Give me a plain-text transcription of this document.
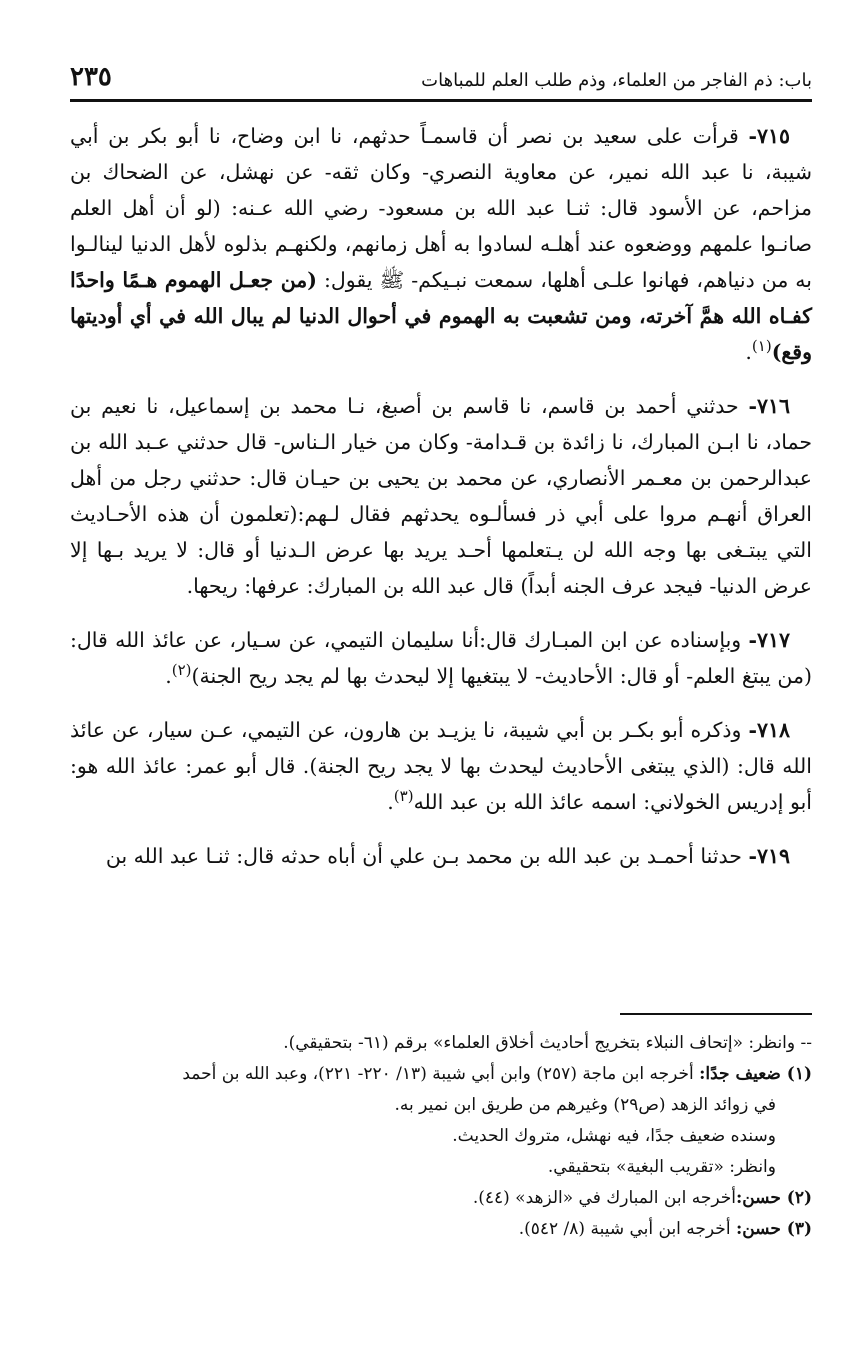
باب: ذم الفاجر من العلماء، وذم طلب العلم للمباهات
٢٣٥

٧١٥- قرأت على سعيد بن نصر أن قاسمـاً حدثهم، نا ابن وضاح، نا أبو بكر بن أبي شيبة، نا عبد الله نمير، عن معاوية النصري- وكان ثقه- عن نهشل، عن الضحاك بن مزاحم، عن الأسود قال: ثنـا عبد الله بن مسعود- رضي الله عـنه: (لو أن أهل العلم صانـوا علمهم ووضعوه عند أهلـه لسادوا به أهل زمانهم، ولكنهـم بذلوه لأهل الدنيا لينالـوا به من دنياهم، فهانوا علـى أهلها، سمعت نبـيكم- ﷺ يقول: (من جعـل الهموم هـمًا واحدًا كفـاه الله همَّ آخرته، ومن تشعبت به الهموم في أحوال الدنيا لم يبال الله في أي أوديتها وقع)$^{(١)}$.

٧١٦- حدثني أحمد بن قاسم، نا قاسم بن أصبغ، نـا محمد بن إسماعيل، نا نعيم بن حماد، نا ابـن المبارك، نا زائدة بن قـدامة- وكان من خيار الـناس- قال حدثني عـبد الله بن عبدالرحمن بن معـمر الأنصاري، عن محمد بن يحيى بن حيـان قال: حدثني رجل من أهل العراق أنهـم مروا على أبي ذر فسألـوه يحدثهم فقال لـهم:(تعلمون أن هذه الأحـاديث التي يبتـغى بها وجه الله لن يـتعلمها أحـد يريد بها عرض الـدنيا أو قال: لا يريد بـها إلا عرض الدنيا- فيجد عرف الجنه أبداً) قال عبد الله بن المبارك: عرفها: ريحها.

٧١٧- وبإسناده عن ابن المبـارك قال:أنا سليمان التيمي، عن سـيار، عن عائذ الله قال: (من يبتغ العلم- أو قال: الأحاديث- لا يبتغيها إلا ليحدث بها لم يجد ريح الجنة)$^{(٢)}$.

٧١٨- وذكره أبو بكـر بن أبي شيبة، نا يزيـد بن هارون، عن التيمي، عـن سيار، عن عائذ الله قال: (الذي يبتغى الأحاديث ليحدث بها لا يجد ريح الجنة). قال أبو عمر: عائذ الله هو: أبو إدريس الخولاني: اسمه عائذ الله بن عبد الله$^{(٣)}$.

٧١٩- حدثنا أحمـد بن عبد الله بن محمد بـن علي أن أباه حدثه قال: ثنـا عبد الله بن

-- وانظر: «إتحاف النبلاء بتخريج أحاديث أخلاق العلماء» برقم (٦١- بتحقيقي).

(١) ضعيف جدًا: أخرجه ابن ماجة (٢٥٧) وابن أبي شيبة (١٣/ ٢٢٠- ٢٢١)، وعبد الله بن أحمد

في زوائد الزهد (ص٢٩) وغيرهم من طريق ابن نمير به.

وسنده ضعيف جدًا، فيه نهشل، متروك الحديث.

وانظر: «تقريب البغية» بتحقيقي.

(٢) حسن:أخرجه ابن المبارك في «الزهد» (٤٤).

(٣) حسن: أخرجه ابن أبي شيبة (٨/ ٥٤٢).
